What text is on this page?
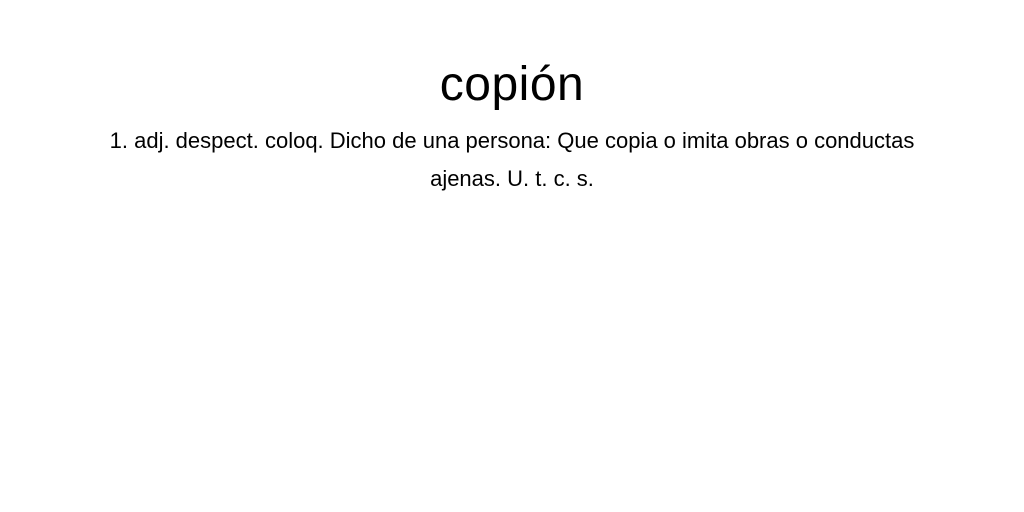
copión

1. adj. despect. coloq. Dicho de una persona: Que copia o imita obras o conductas ajenas. U. t. c. s.
